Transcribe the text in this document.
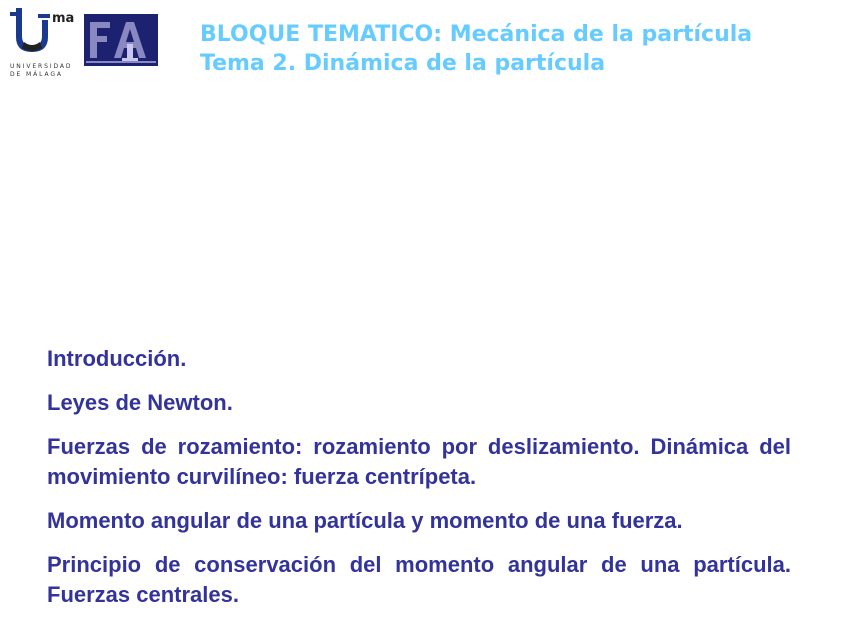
ma
UNIVERSIDAD
DE MÁLAGA
BLOQUE TEMATICO: Mecánica de la partícula
Tema 2. Dinámica de la partícula
Introducción.
Leyes de Newton.
Fuerzas de rozamiento: rozamiento por deslizamiento. Dinámica del movimiento curvilíneo: fuerza centrípeta.
Momento angular de una partícula y momento de una fuerza.
Principio de conservación del momento angular de una partícula. Fuerzas centrales.
